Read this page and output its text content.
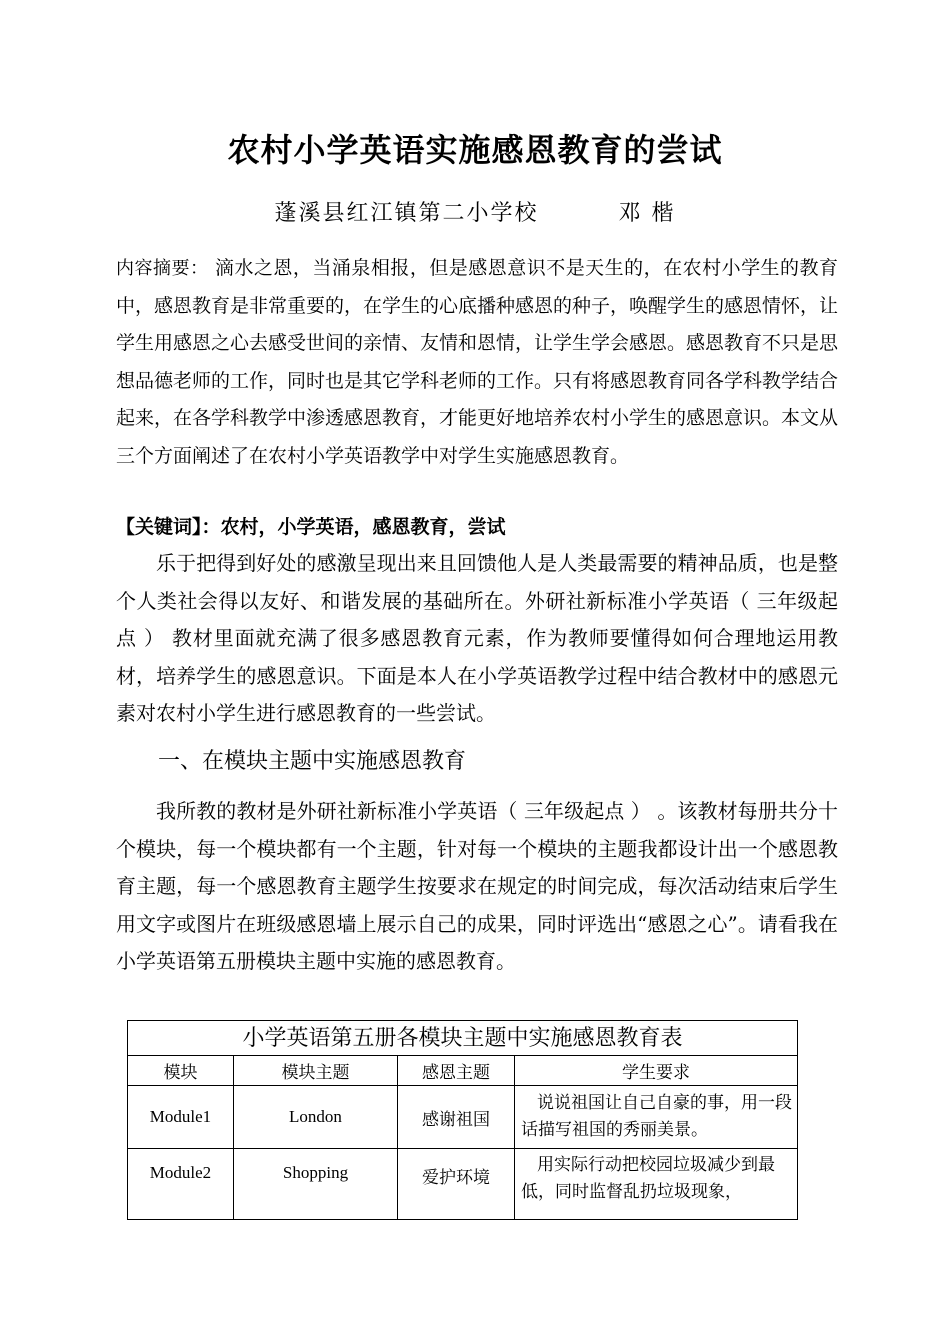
农村小学英语实施感恩教育的尝试
蓬溪县红江镇第二小学校	邓 楷
内容摘要： 滴水之恩，当涌泉相报，但是感恩意识不是天生的，在农村小学生的教育中，感恩教育是非常重要的，在学生的心底播种感恩的种子，唤醒学生的感恩情怀，让学生用感恩之心去感受世间的亲情、友情和恩情，让学生学会感恩。感恩教育不只是思想品德老师的工作，同时也是其它学科老师的工作。只有将感恩教育同各学科教学结合起来，在各学科教学中渗透感恩教育，才能更好地培养农村小学生的感恩意识。本文从三个方面阐述了在农村小学英语教学中对学生实施感恩教育。
【关键词】：农村，小学英语，感恩教育，尝试
乐于把得到好处的感激呈现出来且回馈他人是人类最需要的精神品质，也是整个人类社会得以友好、和谐发展的基础所在。外研社新标准小学英语（ 三年级起点 ） 教材里面就充满了很多感恩教育元素，作为教师要懂得如何合理地运用教材，培养学生的感恩意识。下面是本人在小学英语教学过程中结合教材中的感恩元素对农村小学生进行感恩教育的一些尝试。
一、在模块主题中实施感恩教育
我所教的教材是外研社新标准小学英语（ 三年级起点 ） 。该教材每册共分十个模块，每一个模块都有一个主题，针对每一个模块的主题我都设计出一个感恩教育主题，每一个感恩教育主题学生按要求在规定的时间完成，每次活动结束后学生用文字或图片在班级感恩墙上展示自己的成果，同时评选出“感恩之心”。请看我在小学英语第五册模块主题中实施的感恩教育。
小学英语第五册各模块主题中实施感恩教育表			
模块	模块主题	感恩主题	学生要求
Module1	London	感谢祖国	说说祖国让自己自豪的事，用一段话描写祖国的秀丽美景。
Module2	Shopping	爱护环境	用实际行动把校园垃圾减少到最低，同时监督乱扔垃圾现象，
